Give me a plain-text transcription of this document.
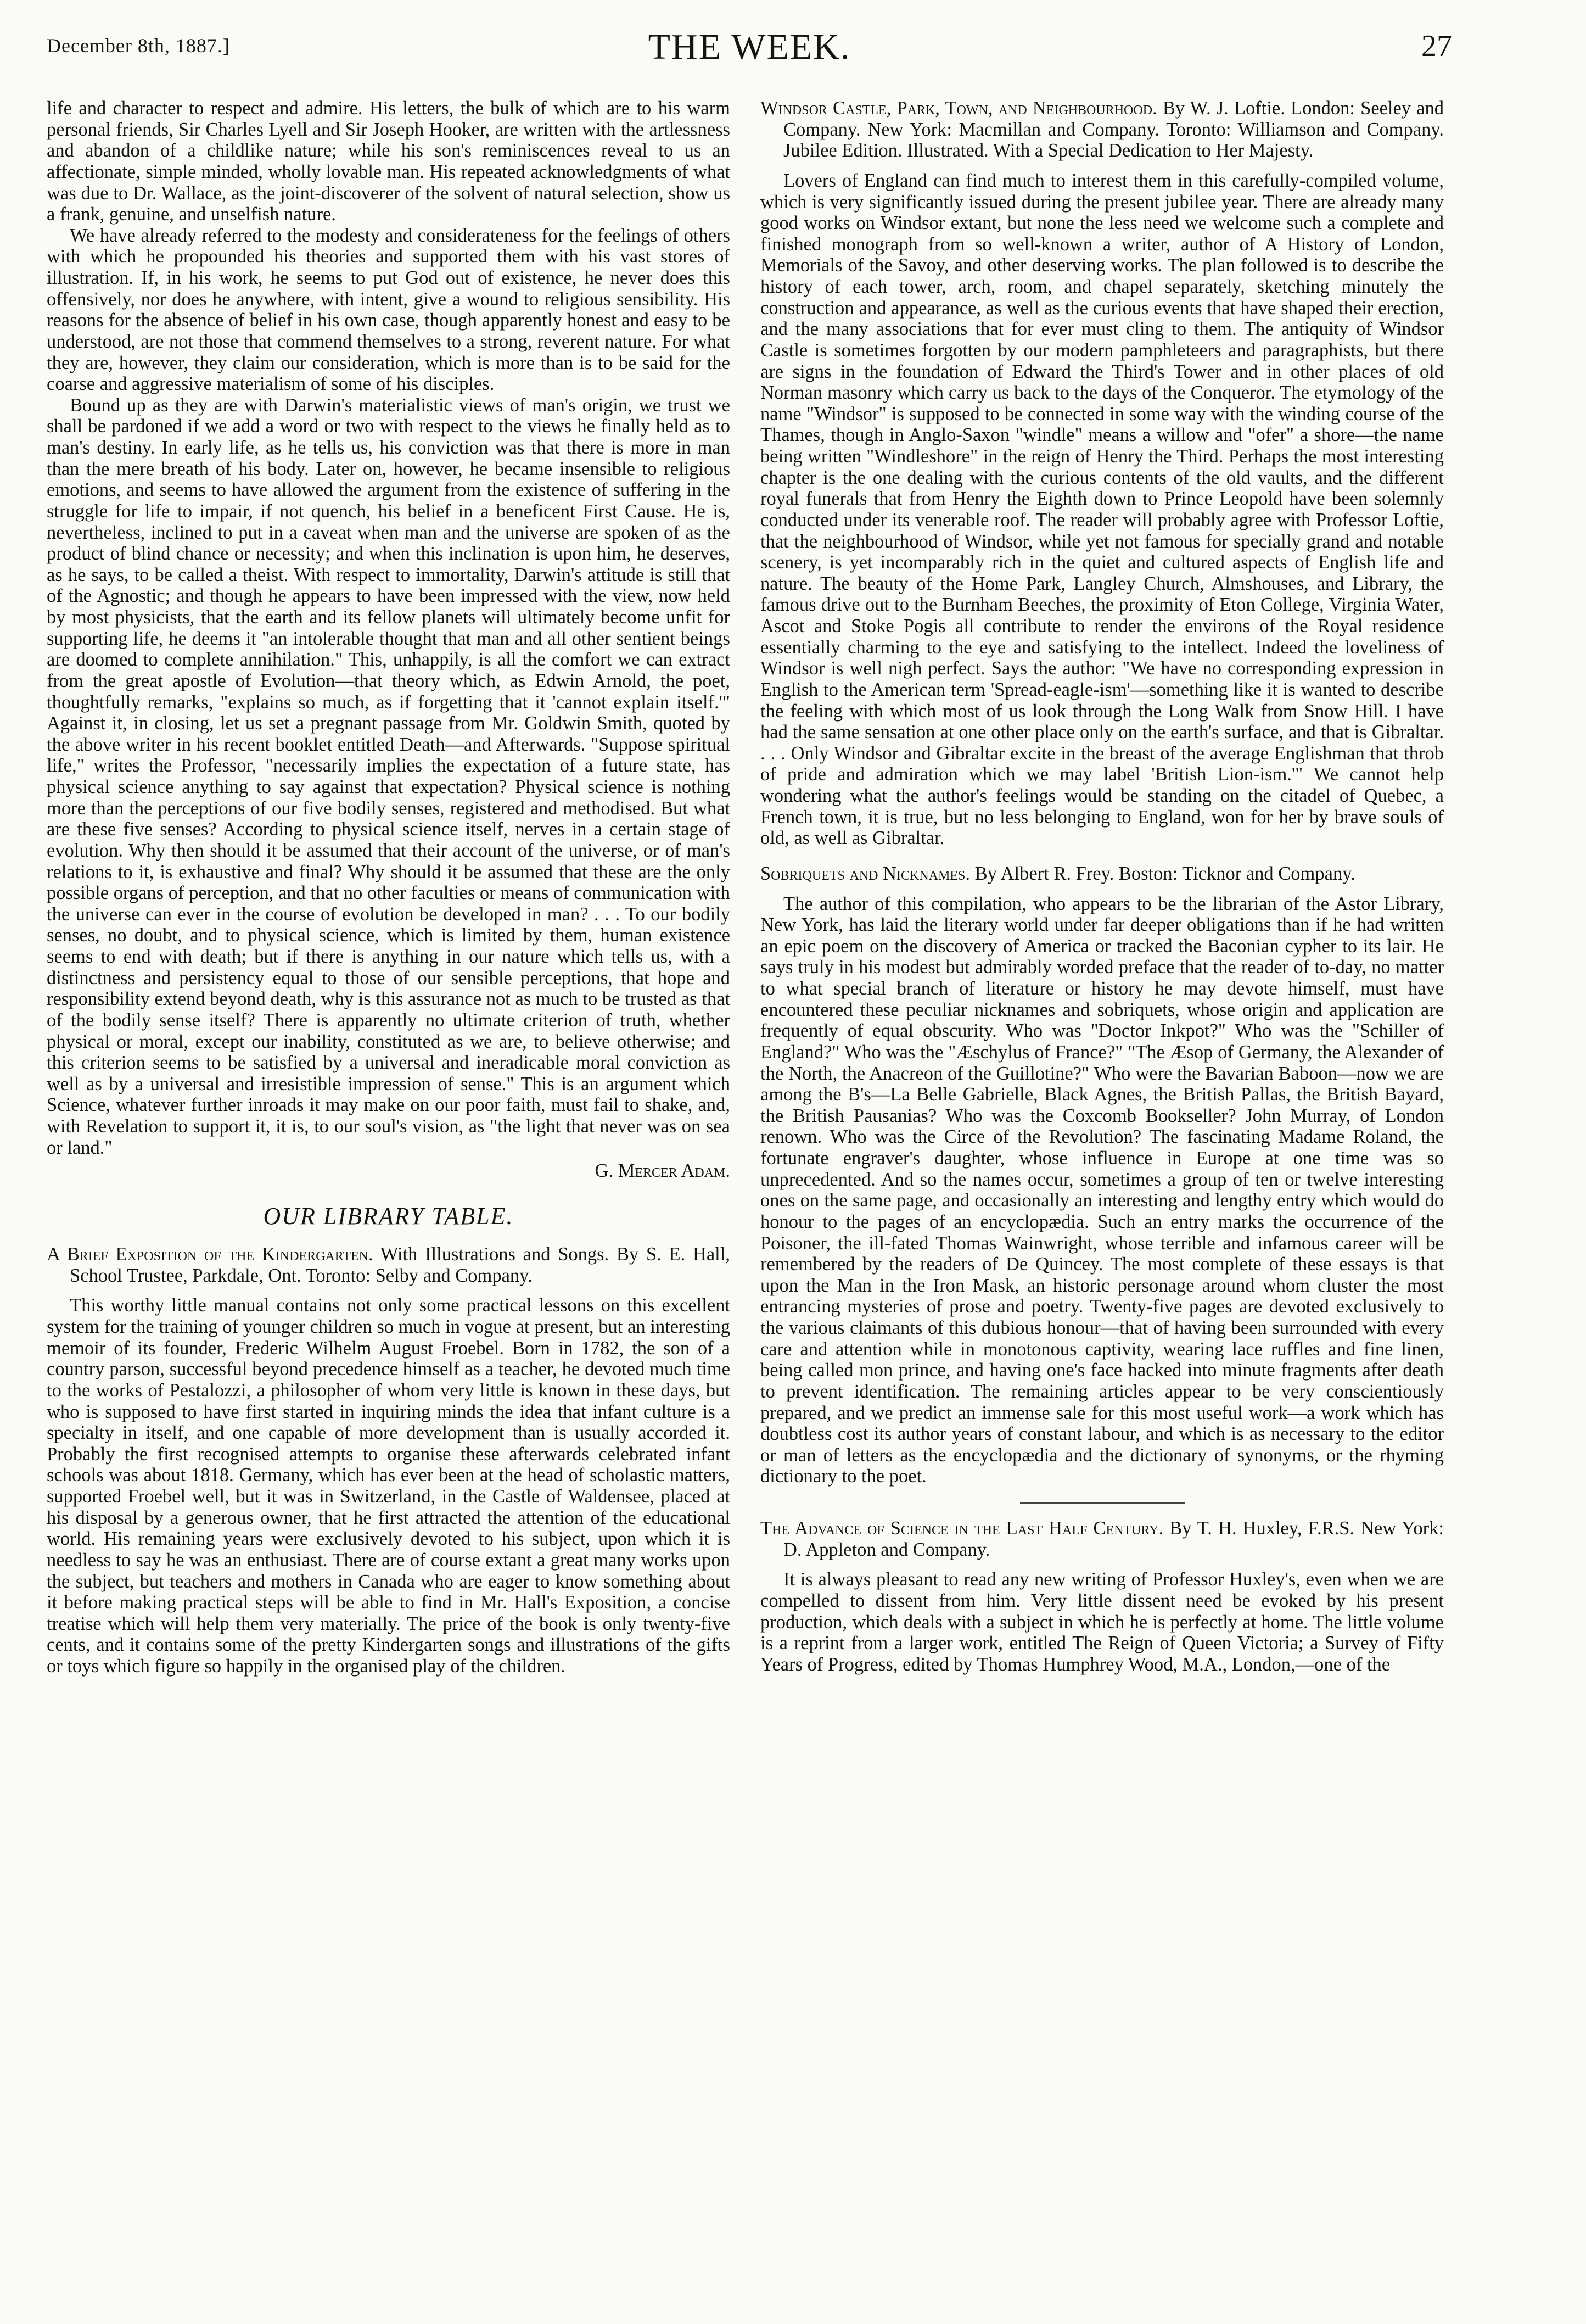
December 8th, 1887.]	THE WEEK.	27

life and character to respect and admire. His letters, the bulk of which are to his warm personal friends, Sir Charles Lyell and Sir Joseph Hooker, are written with the artlessness and abandon of a childlike nature; while his son's reminiscences reveal to us an affectionate, simple minded, wholly lovable man. His repeated acknowledgments of what was due to Dr. Wallace, as the joint-discoverer of the solvent of natural selection, show us a frank, genuine, and unselfish nature.

We have already referred to the modesty and considerateness for the feelings of others with which he propounded his theories and supported them with his vast stores of illustration. If, in his work, he seems to put God out of existence, he never does this offensively, nor does he anywhere, with intent, give a wound to religious sensibility. His reasons for the absence of belief in his own case, though apparently honest and easy to be understood, are not those that commend themselves to a strong, reverent nature. For what they are, however, they claim our consideration, which is more than is to be said for the coarse and aggressive materialism of some of his disciples.

Bound up as they are with Darwin's materialistic views of man's origin, we trust we shall be pardoned if we add a word or two with respect to the views he finally held as to man's destiny. In early life, as he tells us, his conviction was that there is more in man than the mere breath of his body. Later on, however, he became insensible to religious emotions, and seems to have allowed the argument from the existence of suffering in the struggle for life to impair, if not quench, his belief in a beneficent First Cause. He is, nevertheless, inclined to put in a caveat when man and the universe are spoken of as the product of blind chance or necessity; and when this inclination is upon him, he deserves, as he says, to be called a theist. With respect to immortality, Darwin's attitude is still that of the Agnostic; and though he appears to have been impressed with the view, now held by most physicists, that the earth and its fellow planets will ultimately become unfit for supporting life, he deems it "an intolerable thought that man and all other sentient beings are doomed to complete annihilation." This, unhappily, is all the comfort we can extract from the great apostle of Evolution—that theory which, as Edwin Arnold, the poet, thoughtfully remarks, "explains so much, as if forgetting that it 'cannot explain itself.'" Against it, in closing, let us set a pregnant passage from Mr. Goldwin Smith, quoted by the above writer in his recent booklet entitled Death—and Afterwards. "Suppose spiritual life," writes the Professor, "necessarily implies the expectation of a future state, has physical science anything to say against that expectation? Physical science is nothing more than the perceptions of our five bodily senses, registered and methodised. But what are these five senses? According to physical science itself, nerves in a certain stage of evolution. Why then should it be assumed that their account of the universe, or of man's relations to it, is exhaustive and final? Why should it be assumed that these are the only possible organs of perception, and that no other faculties or means of communication with the universe can ever in the course of evolution be developed in man? . . . To our bodily senses, no doubt, and to physical science, which is limited by them, human existence seems to end with death; but if there is anything in our nature which tells us, with a distinctness and persistency equal to those of our sensible perceptions, that hope and responsibility extend beyond death, why is this assurance not as much to be trusted as that of the bodily sense itself? There is apparently no ultimate criterion of truth, whether physical or moral, except our inability, constituted as we are, to believe otherwise; and this criterion seems to be satisfied by a universal and ineradicable moral conviction as well as by a universal and irresistible impression of sense." This is an argument which Science, whatever further inroads it may make on our poor faith, must fail to shake, and, with Revelation to support it, it is, to our soul's vision, as "the light that never was on sea or land."

G. Mercer Adam.

OUR LIBRARY TABLE.

A Brief Exposition of the Kindergarten. With Illustrations and Songs. By S. E. Hall, School Trustee, Parkdale, Ont. Toronto: Selby and Company.

This worthy little manual contains not only some practical lessons on this excellent system for the training of younger children so much in vogue at present, but an interesting memoir of its founder, Frederic Wilhelm August Froebel. Born in 1782, the son of a country parson, successful beyond precedence himself as a teacher, he devoted much time to the works of Pestalozzi, a philosopher of whom very little is known in these days, but who is supposed to have first started in inquiring minds the idea that infant culture is a specialty in itself, and one capable of more development than is usually accorded it. Probably the first recognised attempts to organise these afterwards celebrated infant schools was about 1818. Germany, which has ever been at the head of scholastic matters, supported Froebel well, but it was in Switzerland, in the Castle of Waldensee, placed at his disposal by a generous owner, that he first attracted the attention of the educational world. His remaining years were exclusively devoted to his subject, upon which it is needless to say he was an enthusiast. There are of course extant a great many works upon the subject, but teachers and mothers in Canada who are eager to know something about it before making practical steps will be able to find in Mr. Hall's Exposition, a concise treatise which will help them very materially. The price of the book is only twenty-five cents, and it contains some of the pretty Kindergarten songs and illustrations of the gifts or toys which figure so happily in the organised play of the children.

Windsor Castle, Park, Town, and Neighbourhood. By W. J. Loftie. London: Seeley and Company. New York: Macmillan and Company. Toronto: Williamson and Company. Jubilee Edition. Illustrated. With a Special Dedication to Her Majesty.

Lovers of England can find much to interest them in this carefully-compiled volume, which is very significantly issued during the present jubilee year. There are already many good works on Windsor extant, but none the less need we welcome such a complete and finished monograph from so well-known a writer, author of A History of London, Memorials of the Savoy, and other deserving works. The plan followed is to describe the history of each tower, arch, room, and chapel separately, sketching minutely the construction and appearance, as well as the curious events that have shaped their erection, and the many associations that for ever must cling to them. The antiquity of Windsor Castle is sometimes forgotten by our modern pamphleteers and paragraphists, but there are signs in the foundation of Edward the Third's Tower and in other places of old Norman masonry which carry us back to the days of the Conqueror. The etymology of the name "Windsor" is supposed to be connected in some way with the winding course of the Thames, though in Anglo-Saxon "windle" means a willow and "ofer" a shore—the name being written "Windleshore" in the reign of Henry the Third. Perhaps the most interesting chapter is the one dealing with the curious contents of the old vaults, and the different royal funerals that from Henry the Eighth down to Prince Leopold have been solemnly conducted under its venerable roof. The reader will probably agree with Professor Loftie, that the neighbourhood of Windsor, while yet not famous for specially grand and notable scenery, is yet incomparably rich in the quiet and cultured aspects of English life and nature. The beauty of the Home Park, Langley Church, Almshouses, and Library, the famous drive out to the Burnham Beeches, the proximity of Eton College, Virginia Water, Ascot and Stoke Pogis all contribute to render the environs of the Royal residence essentially charming to the eye and satisfying to the intellect. Indeed the loveliness of Windsor is well nigh perfect. Says the author: "We have no corresponding expression in English to the American term 'Spread-eagle-ism'—something like it is wanted to describe the feeling with which most of us look through the Long Walk from Snow Hill. I have had the same sensation at one other place only on the earth's surface, and that is Gibraltar. . . . Only Windsor and Gibraltar excite in the breast of the average Englishman that throb of pride and admiration which we may label 'British Lion-ism.'" We cannot help wondering what the author's feelings would be standing on the citadel of Quebec, a French town, it is true, but no less belonging to England, won for her by brave souls of old, as well as Gibraltar.

Sobriquets and Nicknames. By Albert R. Frey. Boston: Ticknor and Company.

The author of this compilation, who appears to be the librarian of the Astor Library, New York, has laid the literary world under far deeper obligations than if he had written an epic poem on the discovery of America or tracked the Baconian cypher to its lair. He says truly in his modest but admirably worded preface that the reader of to-day, no matter to what special branch of literature or history he may devote himself, must have encountered these peculiar nicknames and sobriquets, whose origin and application are frequently of equal obscurity. Who was "Doctor Inkpot?" Who was the "Schiller of England?" Who was the "Æschylus of France?" "The Æsop of Germany, the Alexander of the North, the Anacreon of the Guillotine?" Who were the Bavarian Baboon—now we are among the B's—La Belle Gabrielle, Black Agnes, the British Pallas, the British Bayard, the British Pausanias? Who was the Coxcomb Bookseller? John Murray, of London renown. Who was the Circe of the Revolution? The fascinating Madame Roland, the fortunate engraver's daughter, whose influence in Europe at one time was so unprecedented. And so the names occur, sometimes a group of ten or twelve interesting ones on the same page, and occasionally an interesting and lengthy entry which would do honour to the pages of an encyclopædia. Such an entry marks the occurrence of the Poisoner, the ill-fated Thomas Wainwright, whose terrible and infamous career will be remembered by the readers of De Quincey. The most complete of these essays is that upon the Man in the Iron Mask, an historic personage around whom cluster the most entrancing mysteries of prose and poetry. Twenty-five pages are devoted exclusively to the various claimants of this dubious honour—that of having been surrounded with every care and attention while in monotonous captivity, wearing lace ruffles and fine linen, being called mon prince, and having one's face hacked into minute fragments after death to prevent identification. The remaining articles appear to be very conscientiously prepared, and we predict an immense sale for this most useful work—a work which has doubtless cost its author years of constant labour, and which is as necessary to the editor or man of letters as the encyclopædia and the dictionary of synonyms, or the rhyming dictionary to the poet.

The Advance of Science in the Last Half Century. By T. H. Huxley, F.R.S. New York: D. Appleton and Company.

It is always pleasant to read any new writing of Professor Huxley's, even when we are compelled to dissent from him. Very little dissent need be evoked by his present production, which deals with a subject in which he is perfectly at home. The little volume is a reprint from a larger work, entitled The Reign of Queen Victoria; a Survey of Fifty Years of Progress, edited by Thomas Humphrey Wood, M.A., London,—one of the
